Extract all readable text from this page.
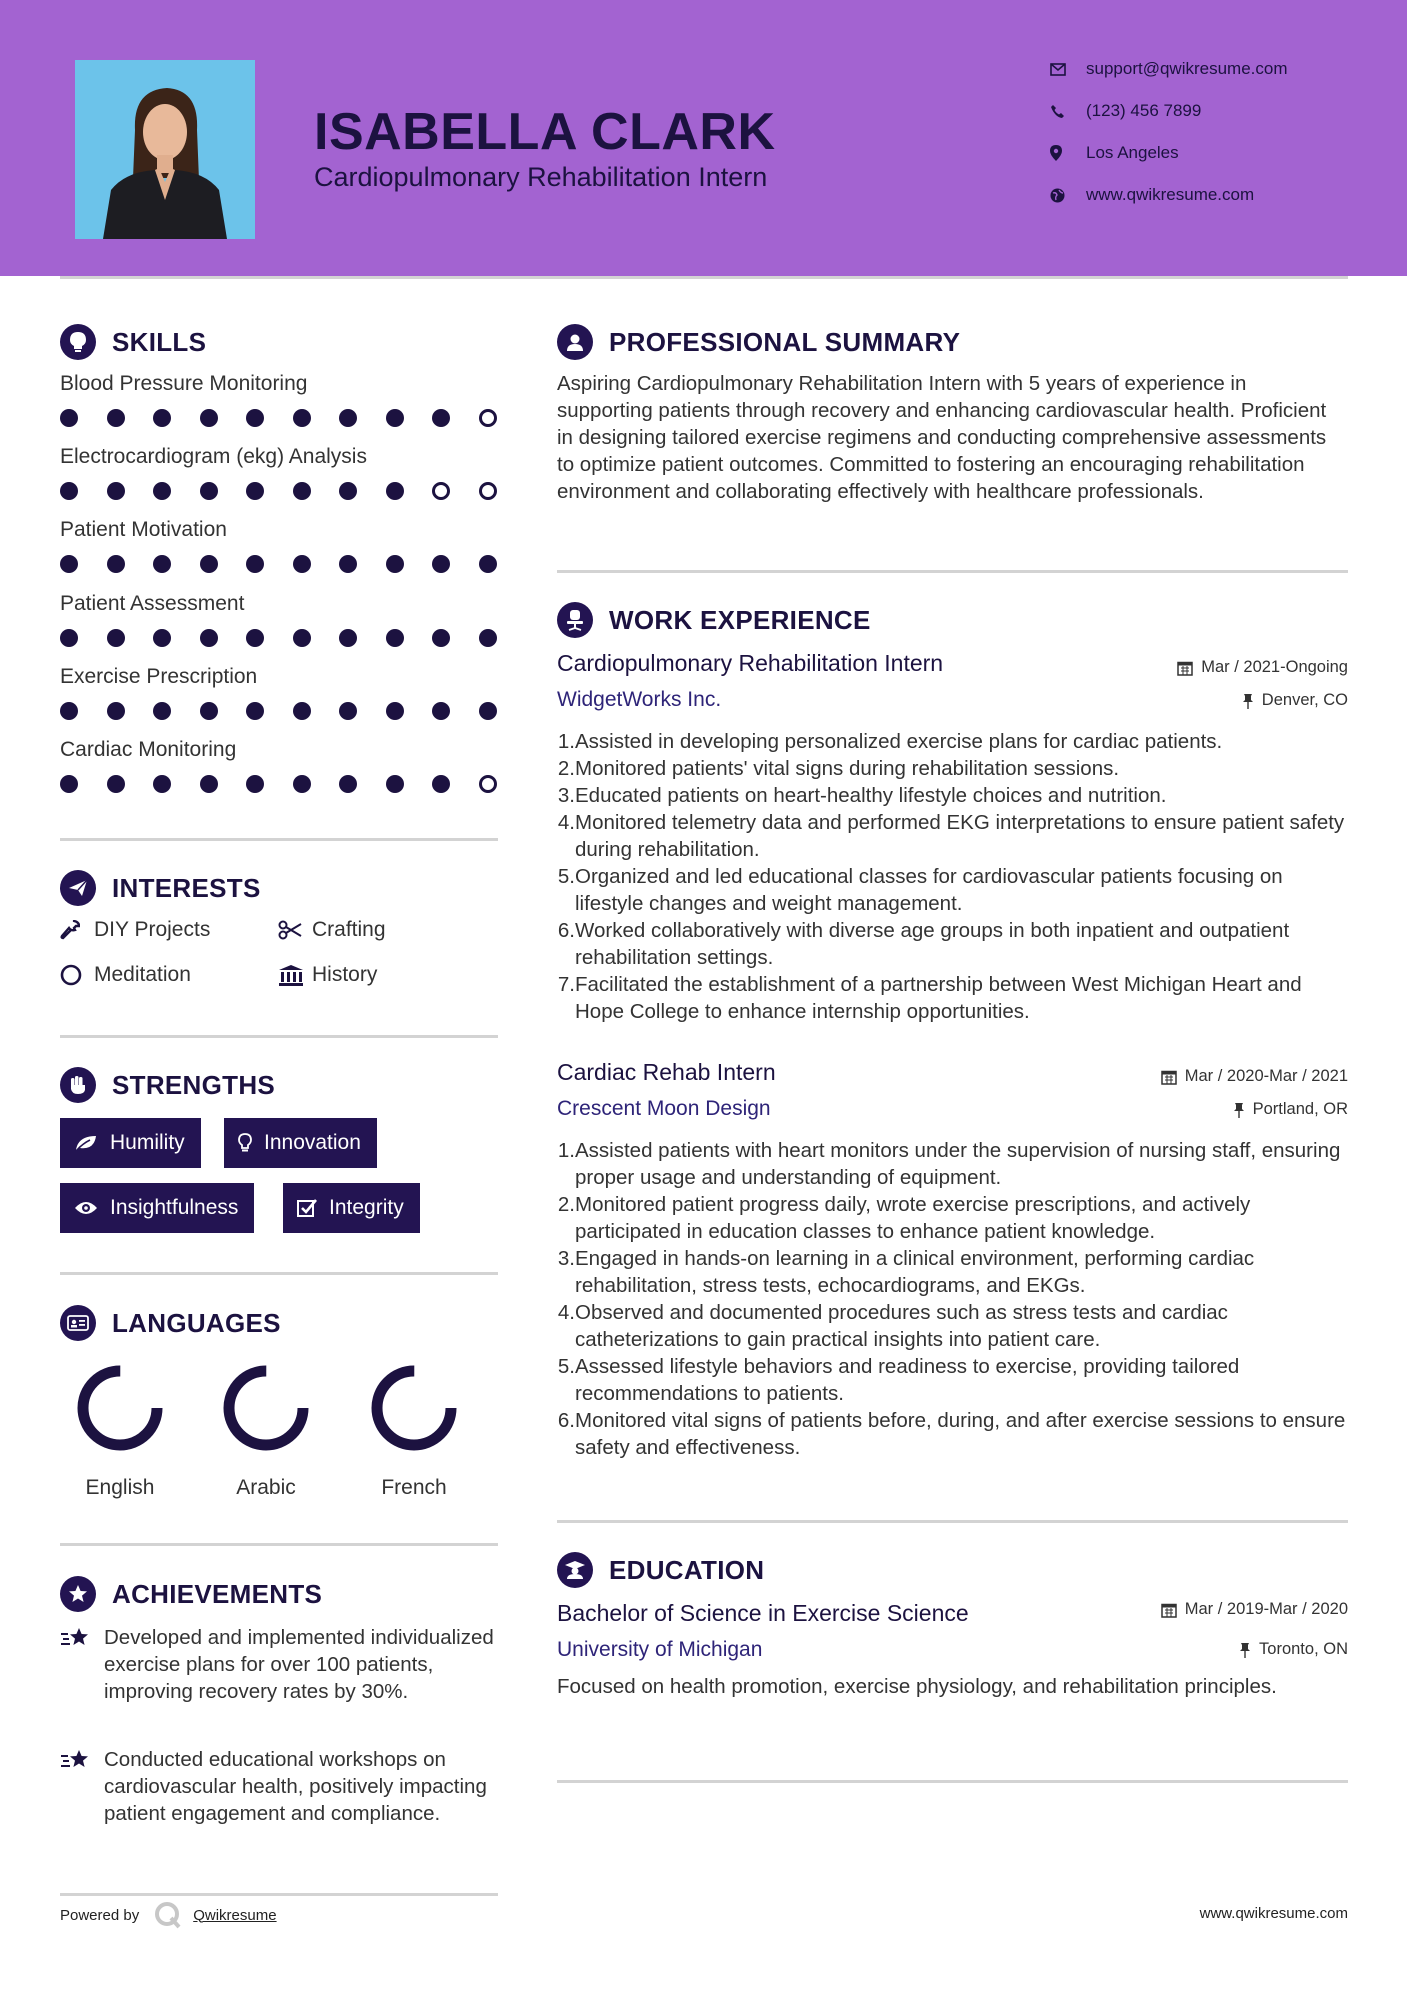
ISABELLA CLARK
Cardiopulmonary Rehabilitation Intern
support@qwikresume.com
(123) 456 7899
Los Angeles
www.qwikresume.com
SKILLS
Blood Pressure Monitoring
Electrocardiogram (ekg) Analysis
Patient Motivation
Patient Assessment
Exercise Prescription
Cardiac Monitoring
INTERESTS
DIY Projects	Crafting
Meditation	History
STRENGTHS
Humility	Innovation
Insightfulness	Integrity
LANGUAGES
English	Arabic	French
ACHIEVEMENTS
Developed and implemented individualized exercise plans for over 100 patients, improving recovery rates by 30%.
Conducted educational workshops on cardiovascular health, positively impacting patient engagement and compliance.
PROFESSIONAL SUMMARY
Aspiring Cardiopulmonary Rehabilitation Intern with 5 years of experience in supporting patients through recovery and enhancing cardiovascular health. Proficient in designing tailored exercise regimens and conducting comprehensive assessments to optimize patient outcomes. Committed to fostering an encouraging rehabilitation environment and collaborating effectively with healthcare professionals.
WORK EXPERIENCE
Cardiopulmonary Rehabilitation Intern	Mar / 2021-Ongoing
WidgetWorks Inc.	Denver, CO
1. Assisted in developing personalized exercise plans for cardiac patients.
2. Monitored patients' vital signs during rehabilitation sessions.
3. Educated patients on heart-healthy lifestyle choices and nutrition.
4. Monitored telemetry data and performed EKG interpretations to ensure patient safety during rehabilitation.
5. Organized and led educational classes for cardiovascular patients focusing on lifestyle changes and weight management.
6. Worked collaboratively with diverse age groups in both inpatient and outpatient rehabilitation settings.
7. Facilitated the establishment of a partnership between West Michigan Heart and Hope College to enhance internship opportunities.
Cardiac Rehab Intern	Mar / 2020-Mar / 2021
Crescent Moon Design	Portland, OR
1. Assisted patients with heart monitors under the supervision of nursing staff, ensuring proper usage and understanding of equipment.
2. Monitored patient progress daily, wrote exercise prescriptions, and actively participated in education classes to enhance patient knowledge.
3. Engaged in hands-on learning in a clinical environment, performing cardiac rehabilitation, stress tests, echocardiograms, and EKGs.
4. Observed and documented procedures such as stress tests and cardiac catheterizations to gain practical insights into patient care.
5. Assessed lifestyle behaviors and readiness to exercise, providing tailored recommendations to patients.
6. Monitored vital signs of patients before, during, and after exercise sessions to ensure safety and effectiveness.
EDUCATION
Bachelor of Science in Exercise Science	Mar / 2019-Mar / 2020
University of Michigan	Toronto, ON
Focused on health promotion, exercise physiology, and rehabilitation principles.
Powered by	Qwikresume	www.qwikresume.com
